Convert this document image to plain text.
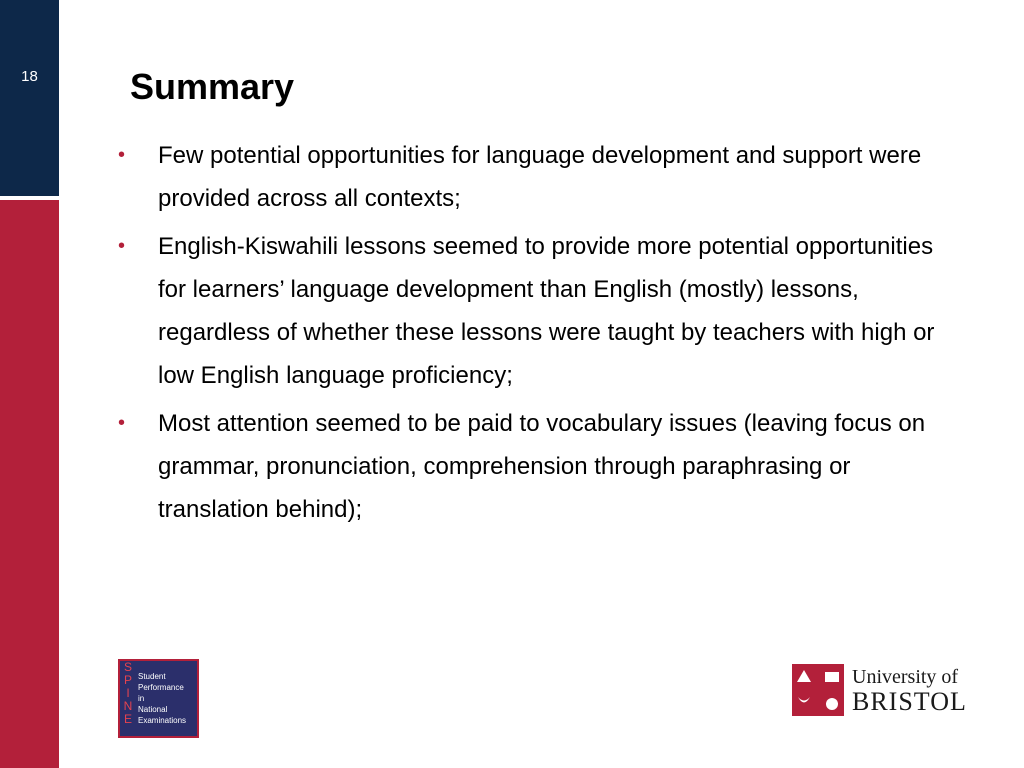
18	Summary
• Few potential opportunities for language development and support were provided across all contexts;
• English-Kiswahili lessons seemed to provide more potential opportunities for learners’ language development than English (mostly) lessons, regardless of whether these lessons were taught by teachers with high or low English language proficiency;
• Most attention seemed to be paid to vocabulary issues (leaving focus on grammar, pronunciation, comprehension through paraphrasing or translation behind);
S
P
I
N
E
Student
Performance
in
National
Examinations
University of
BRISTOL
